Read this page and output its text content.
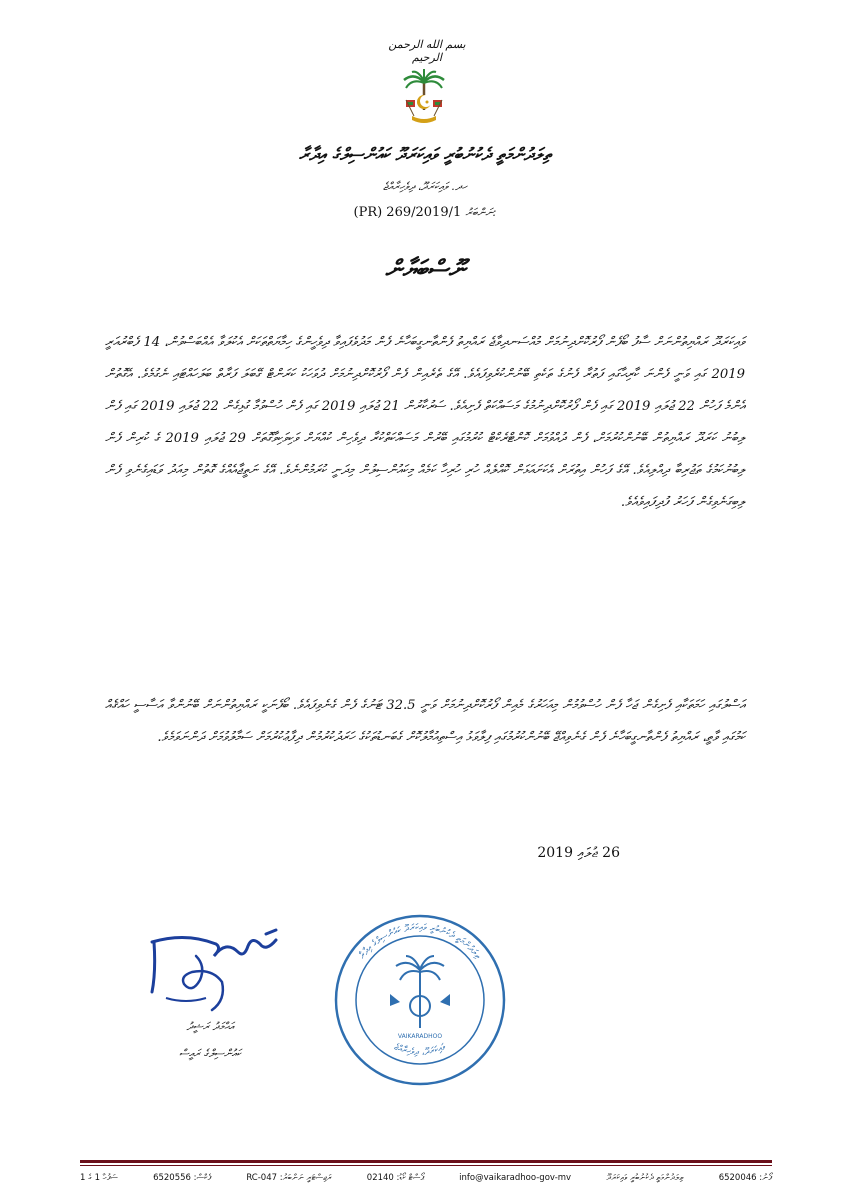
بسم الله الرحمن الرحيم
ތިލަދުންމަތީ ދެކުނުބުރީ ވައިކަރަދޫ ކައުންސިލްގެ އިދާރާ
ހދ. ވައިކަރަދޫ، ދިވެހިރާއްޖެ
(PR) 269/2019/1 ނަންބަރު:
ނޫސްބަޔާން
ވައިކަރަދޫ ރައްޔިތުންނަށް ސާފު ބޯފެން ފޯރުކޮށްދިނުމަށް މުއްސަނދިވާޖެ ރައްޔިތު ފެންތާނގީބަހާނެ ފެން މަދުވެފައިވާ ދިވެހީންގެ ހިމާޔަތްތަކަށް އެކުލަވާ އެއްބަސްވުން، 14 ފެބްރުއަރީ 2019 ގައި ވަނީ ފެންނަ ކާރިޙާގައި ފަތުރާ ފެނުގެ ތަކެތި ބޭނުންކުރެވިފައެވެ. އޭގެ ތެރެއިން ފެން ފޯރުކޮށްދިނުމަށް ދުވަހަކު ކަރަންޓް ގޭބަލަ ފަރާތް ބަލަހައްޓައި ނެގުމެވެ. އެގޮތުން އެންމެ ފަހުން 22 ޖުލައި 2019 ގައި ފެން ފޯރުކޮށްދިނުމުގެ މަސައްކަތް ފެށިއެވެ. ސަރުކާރުން 21 ޖުލައި 2019 ގައި ފެން ހުސްވުމާ ގުޅިގެން 22 ޖުލައި 2019 ގައި ފެން ލިބުނު ކަރަދޫ ރައްޔިތުން ބޭނުންކުރުމަށް، ފެން ދުއްވުމަށް ކޮންޓްރެކްޓް ކުރުމުގައި ބޭރުން މަސައްކަތްކުރާ ދިވެހިން ކުއްޔަށް ވަކިވަކިވާގޮތަށް 29 ޖުލައި 2019 ގެ ކުރިން ފެން ލިބުނުކަމުގެ ތަޖުރިބާ ދިއްލިއެވެ. އޭގެ ފަހުން އިތުރަށް އެކަށައަޅަން ކޮއްލެއް ހުރި ހުރިހާ ކަމެއް މިކައުންސިލުން މިދަނީ ކުރަމުންނެވެ. އޭގެ ނަތީޖާއެއްގެ ގޮތުން މިއަދު ވަޑައިގެނެވި ފެން ލިބިގަނެވިގެން ފަހަރު ފުދިފައިވެއެވެ.
އަސްލުގައި ހަމަތަކާއި ފެށިގެން ޖަހާ ފެން ހުސްވުމުން މިއަހަރުގެ މެއިން ފޯރުކޮށްދިނުމަށް ވަނީ 32.5 ޓަނުގެ ފެން ގެނެވިފައެވެ. ބޯފެނަކީ ރައްޔިތުންނަށް ބޭނުންވާ އަސާސީ ހައްޤެއް ކަމުގައި ވާތީ، ރައްޔިތު ފެންތާނގީބަހާނެ ފެން ގެނެވިއްޖޭ ބޭނުންކުރުމުގައި ފިލާވަޅު އިސްތިއުމާލުކޮށް ގެބަނޑުތަކުގެ ހަރަދުކުރުމުން ދިފާޢުކުރުމަށް ސަމާލުވުމަށް ދަންނަވަމެވެ.
26 ޖުލައި 2019
އަޙްމަދު ރަޝީދު
ކައުންސިލްގެ ރައީސް
ތިލަދުންމަތީ ދެކުނުބުރީ ވައިކަރަދޫ ކައުންސިލްގެ އިދާރާ
ވައިކަރަދޫ، ދިވެހިރާއްޖެ
VAIKARADHOO
ފޯނު: 6520046
ތިލަދުންމަތީ ދެކުނުބުރީ ވައިކަރަދޫ
info@vaikaradhoo-gov-mv
ޕޯސްޓް ކޯޑު: 02140
ރަޖިސްޓަރީ ނަންބަރު: RC-047
ފެކްސް: 6520556
ސަފުހާ 1 ގެ 1
